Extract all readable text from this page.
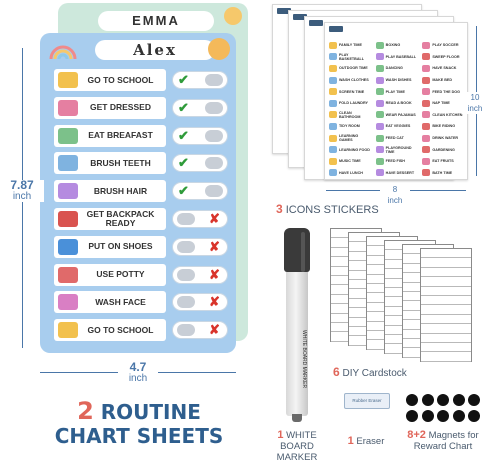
EMMA
Alex
GO TO SCHOOL	✔
GET DRESSED	✔
EAT BREAFAST	✔
BRUSH TEETH	✔
BRUSH HAIR	✔
GET BACKPACK READY	✘
PUT ON SHOES	✘
USE POTTY	✘
WASH FACE	✘
GO TO SCHOOL	✘
7.87
inch
4.7
inch
FAMILY TIME	BOXING	PLAY SOCCER
PLAY BASKETBALL	PLAY BASEBALL	SWEEP FLOOR
OUTDOOR TIME	DANCING	HAVE SNACK
WASH CLOTHES	WASH DISHES	MAKE BED
SCREEN TIME	PLAY TIME	FEED THE DOG
FOLD LAUNDRY	READ A BOOK	NAP TIME
CLEAN BATHROOM	WEAR PAJAMAS	CLEAN KITCHEN
TIDY ROOM	EAT VEGGIES	BIKE RIDING
LEARNING GAMES	FEED CAT	DRINK WATER
LEARNING FOOD	PLAYGROUND TIME	GARDENING
MUSIC TIME	FEED FISH	EAT FRUITS
HAVE LUNCH	HAVE DESSERT	BATH TIME
10
inch
8
inch
3 ICONS STICKERS
6 DIY Cardstock
WHITE BOARD MARKER
Rubber Eraser
2 ROUTINE
CHART SHEETS	1 WHITE
BOARD MARKER
1 Eraser
8+2 Magnets for
Reward Chart
